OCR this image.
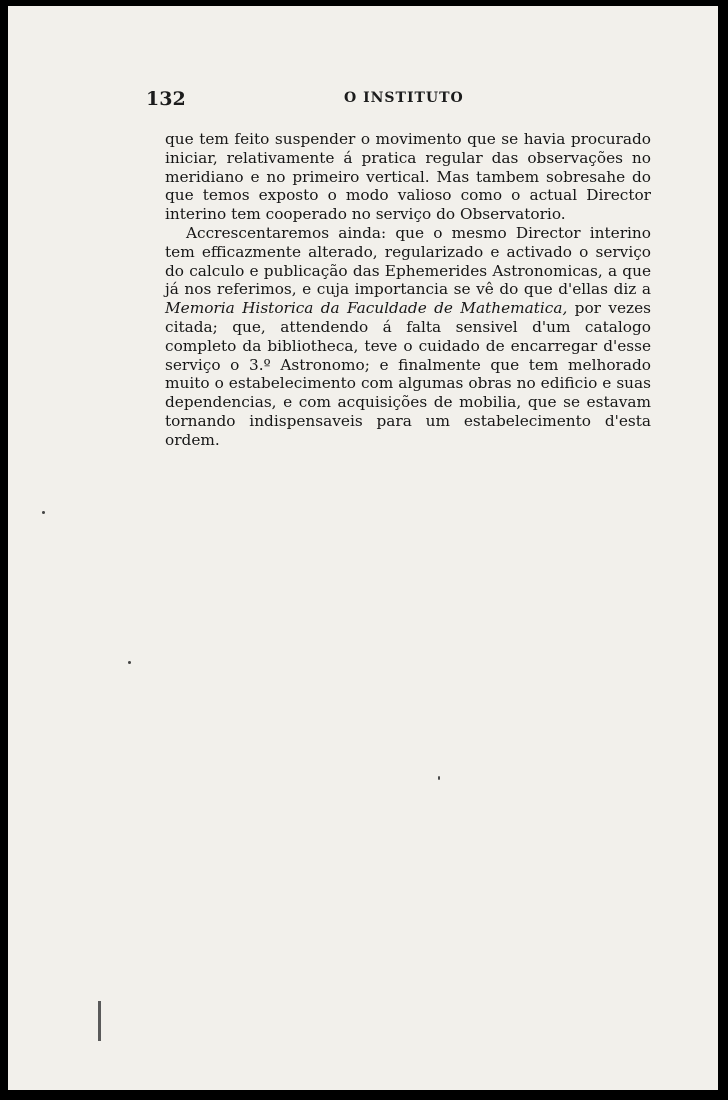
132	O INSTITUTO

que tem feito suspender o movimento que se havia procurado iniciar, relativamente á pratica regular das observações no meridiano e no primeiro vertical. Mas tambem sobresahe do que temos exposto o modo valioso como o actual Director interino tem cooperado no serviço do Observatorio.

Accrescentaremos ainda: que o mesmo Director interino tem efficazmente alterado, regularizado e activado o serviço do calculo e publicação das Ephemerides Astronomicas, a que já nos referimos, e cuja importancia se vê do que d'ellas diz a Memoria Historica da Faculdade de Mathematica, por vezes citada; que, attendendo á falta sensivel d'um catalogo completo da bibliotheca, teve o cuidado de encarregar d'esse serviço o 3.º Astronomo; e finalmente que tem melhorado muito o estabelecimento com algumas obras no edificio e suas dependencias, e com acquisições de mobilia, que se estavam tornando indispensaveis para um estabelecimento d'esta ordem.
